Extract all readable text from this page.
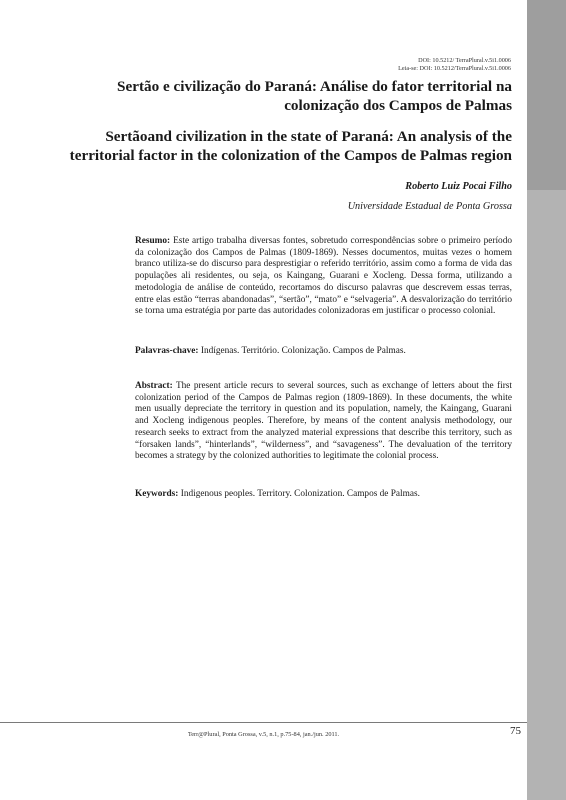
DOI: 10.5212/ TerraPlural.v.5i1.0006
Leia-se: DOI: 10.5212/TerraPlural.v.5i1.0006
Sertão e civilização do Paraná: Análise do fator territorial na colonização dos Campos de Palmas
Sertãoand civilization in the state of Paraná: An analysis of the territorial factor in the colonization of the Campos de Palmas region
Roberto Luiz Pocai Filho
Universidade Estadual de Ponta Grossa
Resumo: Este artigo trabalha diversas fontes, sobretudo correspondências sobre o primeiro período da colonização dos Campos de Palmas (1809-1869). Nesses documentos, muitas vezes o homem branco utiliza-se do discurso para desprestigiar o referido território, assim como a forma de vida das populações ali residentes, ou seja, os Kaingang, Guarani e Xocleng. Dessa forma, utilizando a metodologia de análise de conteúdo, recortamos do discurso palavras que descrevem essas terras, entre elas estão “terras abandonadas”, “sertão”, “mato” e “selvageria”. A desvalorização do território se torna uma estratégia por parte das autoridades colonizadoras em justificar o processo colonial.
Palavras-chave: Indígenas. Território. Colonização. Campos de Palmas.
Abstract: The present article recurs to several sources, such as exchange of letters about the first colonization period of the Campos de Palmas region (1809-1869). In these documents, the white men usually depreciate the territory in question and its population, namely, the Kaingang, Guarani and Xocleng indigenous peoples. Therefore, by means of the content analysis methodology, our research seeks to extract from the analyzed material expressions that describe this territory, such as “forsaken lands”, “hinterlands”, “wilderness”, and “savageness”. The devaluation of the territory becomes a strategy by the colonized authorities to legitimate the colonial process.
Keywords: Indigenous peoples. Territory. Colonization. Campos de Palmas.
Terr@Plural, Ponta Grossa, v.5, n.1, p.75-84, jan./jun. 2011.	75
